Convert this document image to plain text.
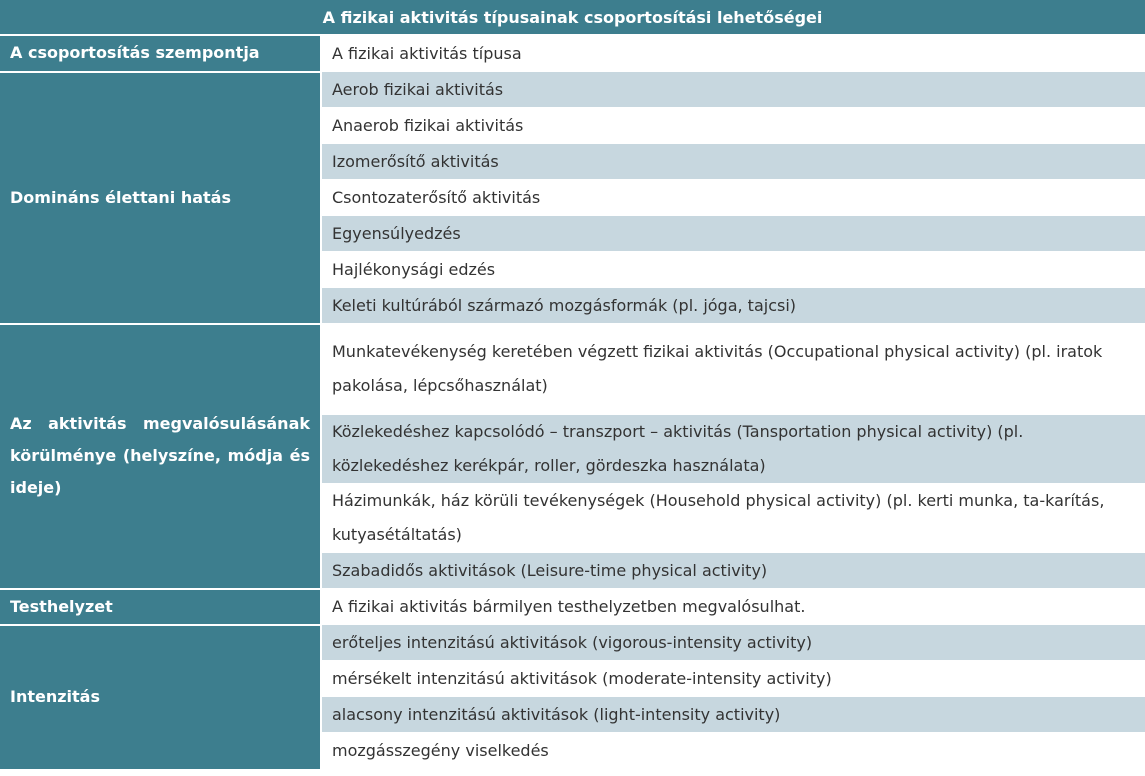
A fizikai aktivitás típusainak csoportosítási lehetőségei	
A csoportosítás szempontja	A fizikai aktivitás típusa
Domináns élettani hatás	Aerob fizikai aktivitás
	Anaerob fizikai aktivitás
	Izomerősítő aktivitás
	Csontozaterősítő aktivitás
	Egyensúlyedzés
	Hajlékonysági edzés
	Keleti kultúrából származó mozgásformák (pl. jóga, tajcsi)
Az aktivitás megvalósulásának körülménye (helyszíne, módja és ideje)	Munkatevékenység keretében végzett fizikai aktivitás (Occupational physical activity) (pl. iratok pakolása, lépcsőhasználat)
	Közlekedéshez kapcsolódó – transzport – aktivitás (Tansportation physical activity) (pl. közlekedéshez kerékpár, roller, gördeszka használata)
	Házimunkák, ház körüli tevékenységek (Household physical activity) (pl. kerti munka, ta-karítás, kutyasétáltatás)
	Szabadidős aktivitások (Leisure-time physical activity)
Testhelyzet	A fizikai aktivitás bármilyen testhelyzetben megvalósulhat.
Intenzitás	erőteljes intenzitású aktivitások (vigorous-intensity activity)
	mérsékelt intenzitású aktivitások (moderate-intensity activity)
	alacsony intenzitású aktivitások (light-intensity activity)
	mozgásszegény viselkedés
